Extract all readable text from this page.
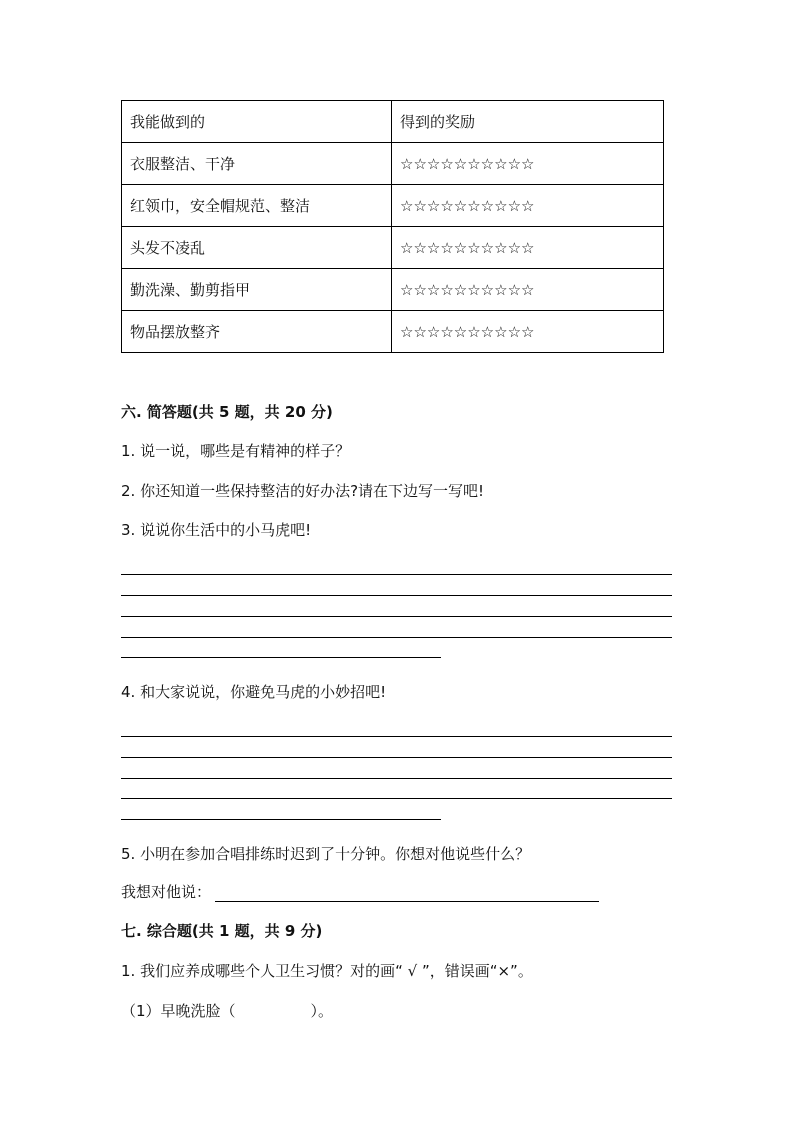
我能做到的	得到的奖励
衣服整洁、干净	☆☆☆☆☆☆☆☆☆☆
红领巾，安全帽规范、整洁	☆☆☆☆☆☆☆☆☆☆
头发不凌乱	☆☆☆☆☆☆☆☆☆☆
勤洗澡、勤剪指甲	☆☆☆☆☆☆☆☆☆☆
物品摆放整齐	☆☆☆☆☆☆☆☆☆☆
六. 简答题(共 5 题，共 20 分)
1. 说一说，哪些是有精神的样子？
2. 你还知道一些保持整洁的好办法?请在下边写一写吧!
3. 说说你生活中的小马虎吧!
4. 和大家说说，你避免马虎的小妙招吧!
5. 小明在参加合唱排练时迟到了十分钟。你想对他说些什么？
我想对他说：
七. 综合题(共 1 题，共 9 分)
1. 我们应养成哪些个人卫生习惯？对的画“ √ ”，错误画“×”。
（1）早晚洗脸（　　　　　）。
